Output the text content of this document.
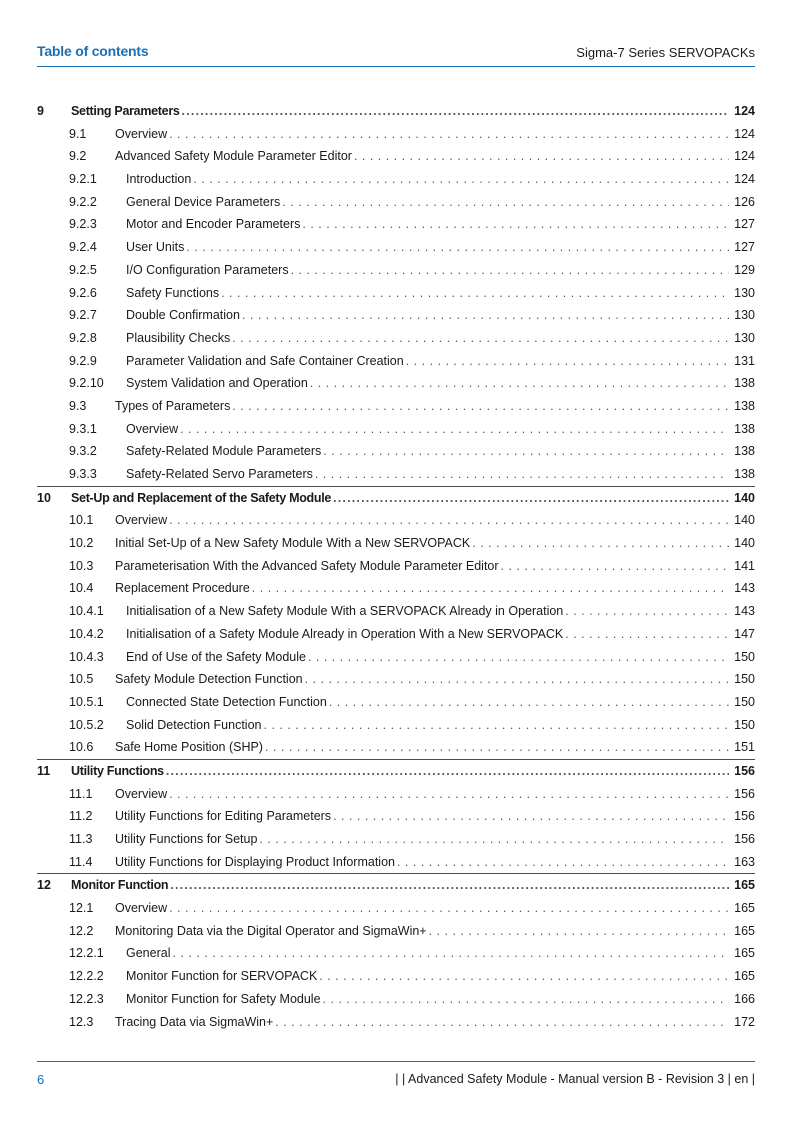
Table of contents	Sigma-7 Series SERVOPACKs
9	Setting Parameters .....	124
9.1	Overview . . .	124
9.2	Advanced Safety Module Parameter Editor . . .	124
9.2.1	Introduction . . .	124
9.2.2	General Device Parameters . . .	126
9.2.3	Motor and Encoder Parameters . . .	127
9.2.4	User Units . . .	127
9.2.5	I/O Configuration Parameters . . .	129
9.2.6	Safety Functions . . .	130
9.2.7	Double Confirmation . . .	130
9.2.8	Plausibility Checks . . .	130
9.2.9	Parameter Validation and Safe Container Creation . . .	131
9.2.10	System Validation and Operation . . .	138
9.3	Types of Parameters . . .	138
9.3.1	Overview . . .	138
9.3.2	Safety-Related Module Parameters . . .	138
9.3.3	Safety-Related Servo Parameters . . .	138
10	Set-Up and Replacement of the Safety Module .....	140
10.1	Overview . . .	140
10.2	Initial Set-Up of a New Safety Module With a New SERVOPACK . . .	140
10.3	Parameterisation With the Advanced Safety Module Parameter Editor . . .	141
10.4	Replacement Procedure . . .	143
10.4.1	Initialisation of a New Safety Module With a SERVOPACK Already in Operation . . .	143
10.4.2	Initialisation of a Safety Module Already in Operation With a New SERVOPACK . . .	147
10.4.3	End of Use of the Safety Module . . .	150
10.5	Safety Module Detection Function . . .	150
10.5.1	Connected State Detection Function . . .	150
10.5.2	Solid Detection Function . . .	150
10.6	Safe Home Position (SHP) . . .	151
11	Utility Functions .....	156
11.1	Overview . . .	156
11.2	Utility Functions for Editing Parameters . . .	156
11.3	Utility Functions for Setup . . .	156
11.4	Utility Functions for Displaying Product Information . . .	163
12	Monitor Function .....	165
12.1	Overview . . .	165
12.2	Monitoring Data via the Digital Operator and SigmaWin+ . . .	165
12.2.1	General . . .	165
12.2.2	Monitor Function for SERVOPACK . . .	165
12.2.3	Monitor Function for Safety Module . . .	166
12.3	Tracing Data via SigmaWin+ . . .	172
6	| | Advanced Safety Module - Manual version B - Revision 3 | en |
